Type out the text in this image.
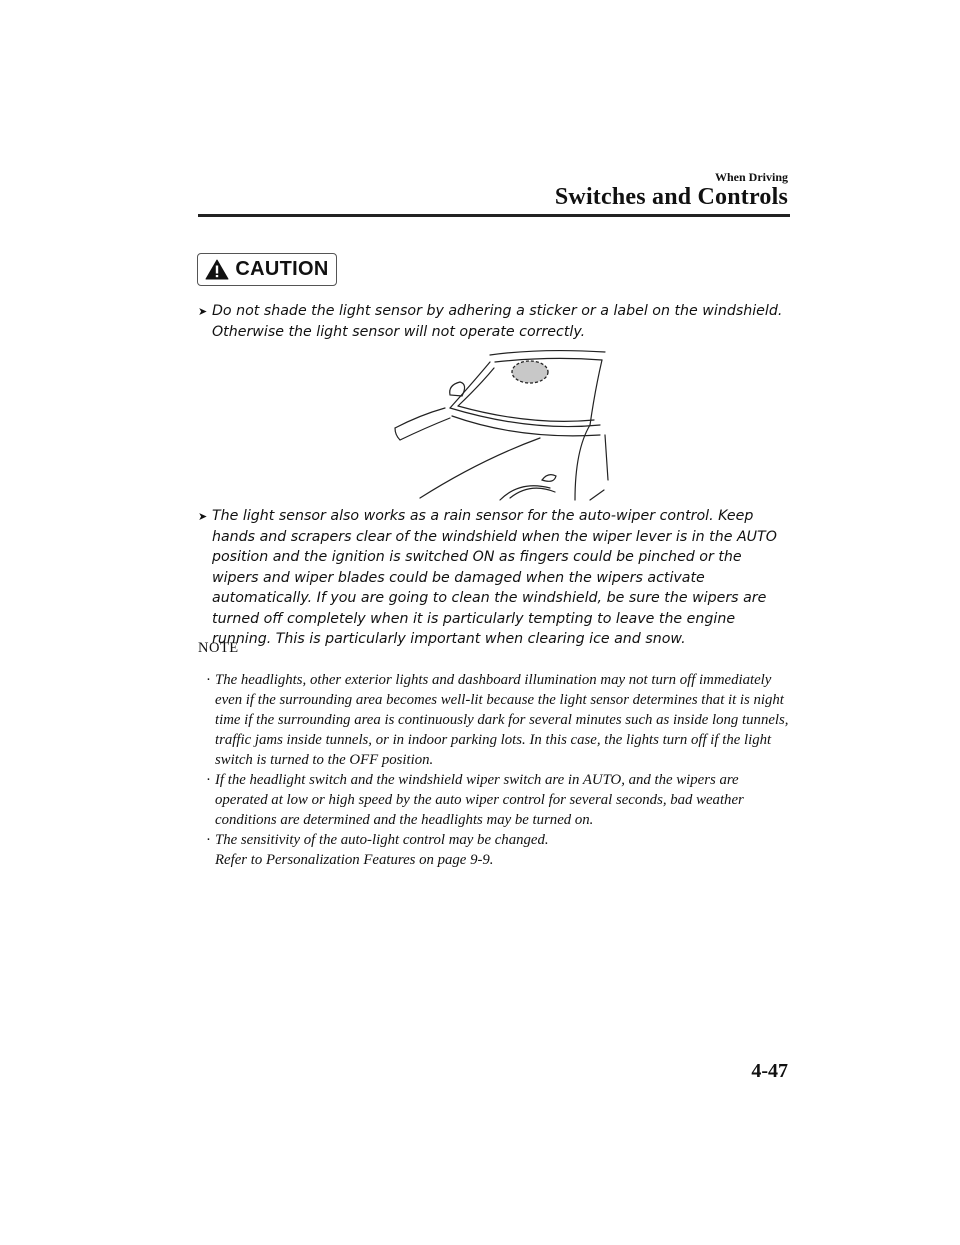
When Driving
Switches and Controls
CAUTION
➤ Do not shade the light sensor by adhering a sticker or a label on the windshield. Otherwise the light sensor will not operate correctly.
➤ The light sensor also works as a rain sensor for the auto-wiper control. Keep hands and scrapers clear of the windshield when the wiper lever is in the AUTO position and the ignition is switched ON as fingers could be pinched or the wipers and wiper blades could be damaged when the wipers activate automatically. If you are going to clean the windshield, be sure the wipers are turned off completely when it is particularly tempting to leave the engine running. This is particularly important when clearing ice and snow.
NOTE
· The headlights, other exterior lights and dashboard illumination may not turn off immediately even if the surrounding area becomes well-lit because the light sensor determines that it is night time if the surrounding area is continuously dark for several minutes such as inside long tunnels, traffic jams inside tunnels, or in indoor parking lots. In this case, the lights turn off if the light switch is turned to the OFF position.
· If the headlight switch and the windshield wiper switch are in AUTO, and the wipers are operated at low or high speed by the auto wiper control for several seconds, bad weather conditions are determined and the headlights may be turned on.
· The sensitivity of the auto-light control may be changed.
Refer to Personalization Features on page 9-9.
4-47
